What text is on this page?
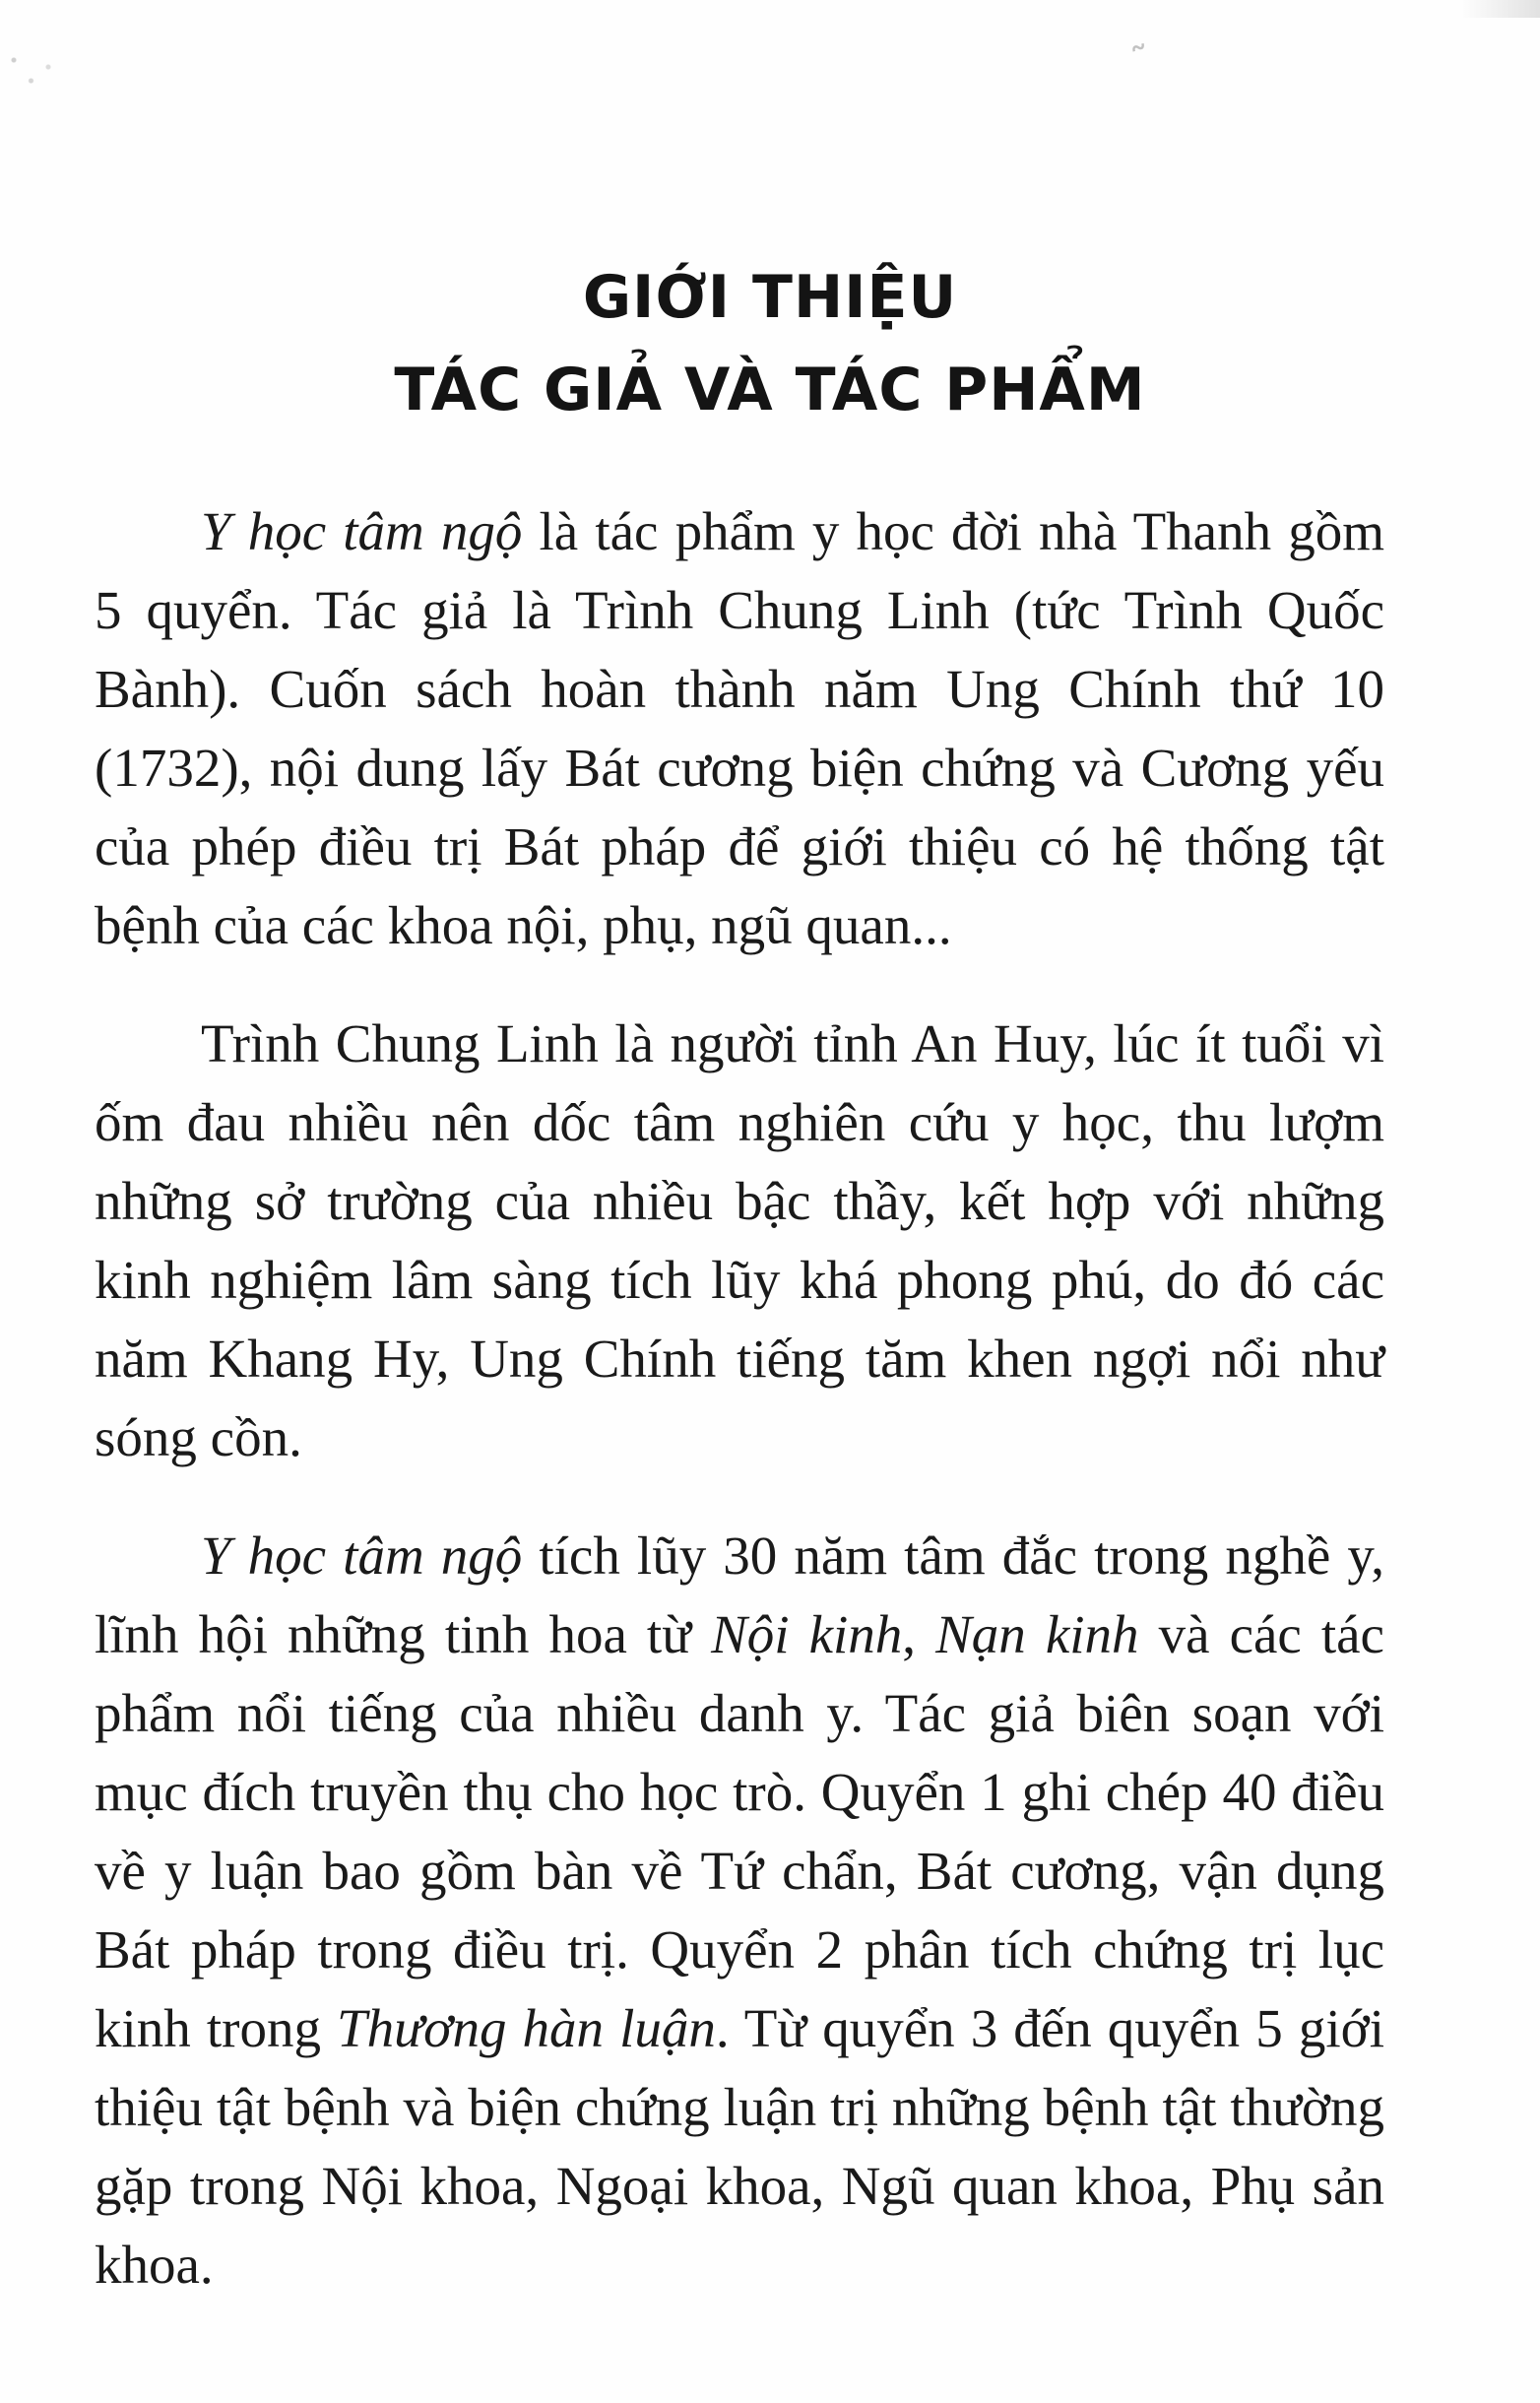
˜
GIỚI THIỆU
TÁC GIẢ VÀ TÁC PHẨM

Y học tâm ngộ là tác phẩm y học đời nhà Thanh gồm 5 quyển. Tác giả là Trình Chung Linh (tức Trình Quốc Bành). Cuốn sách hoàn thành năm Ung Chính thứ 10 (1732), nội dung lấy Bát cương biện chứng và Cương yếu của phép điều trị Bát pháp để giới thiệu có hệ thống tật bệnh của các khoa nội, phụ, ngũ quan...

Trình Chung Linh là người tỉnh An Huy, lúc ít tuổi vì ốm đau nhiều nên dốc tâm nghiên cứu y học, thu lượm những sở trường của nhiều bậc thầy, kết hợp với những kinh nghiệm lâm sàng tích lũy khá phong phú, do đó các năm Khang Hy, Ung Chính tiếng tăm khen ngợi nổi như sóng cồn.

Y học tâm ngộ tích lũy 30 năm tâm đắc trong nghề y, lĩnh hội những tinh hoa từ Nội kinh, Nạn kinh và các tác phẩm nổi tiếng của nhiều danh y. Tác giả biên soạn với mục đích truyền thụ cho học trò. Quyển 1 ghi chép 40 điều về y luận bao gồm bàn về Tứ chẩn, Bát cương, vận dụng Bát pháp trong điều trị. Quyển 2 phân tích chứng trị lục kinh trong Thương hàn luận. Từ quyển 3 đến quyển 5 giới thiệu tật bệnh và biện chứng luận trị những bệnh tật thường gặp trong Nội khoa, Ngoại khoa, Ngũ quan khoa, Phụ sản khoa.
